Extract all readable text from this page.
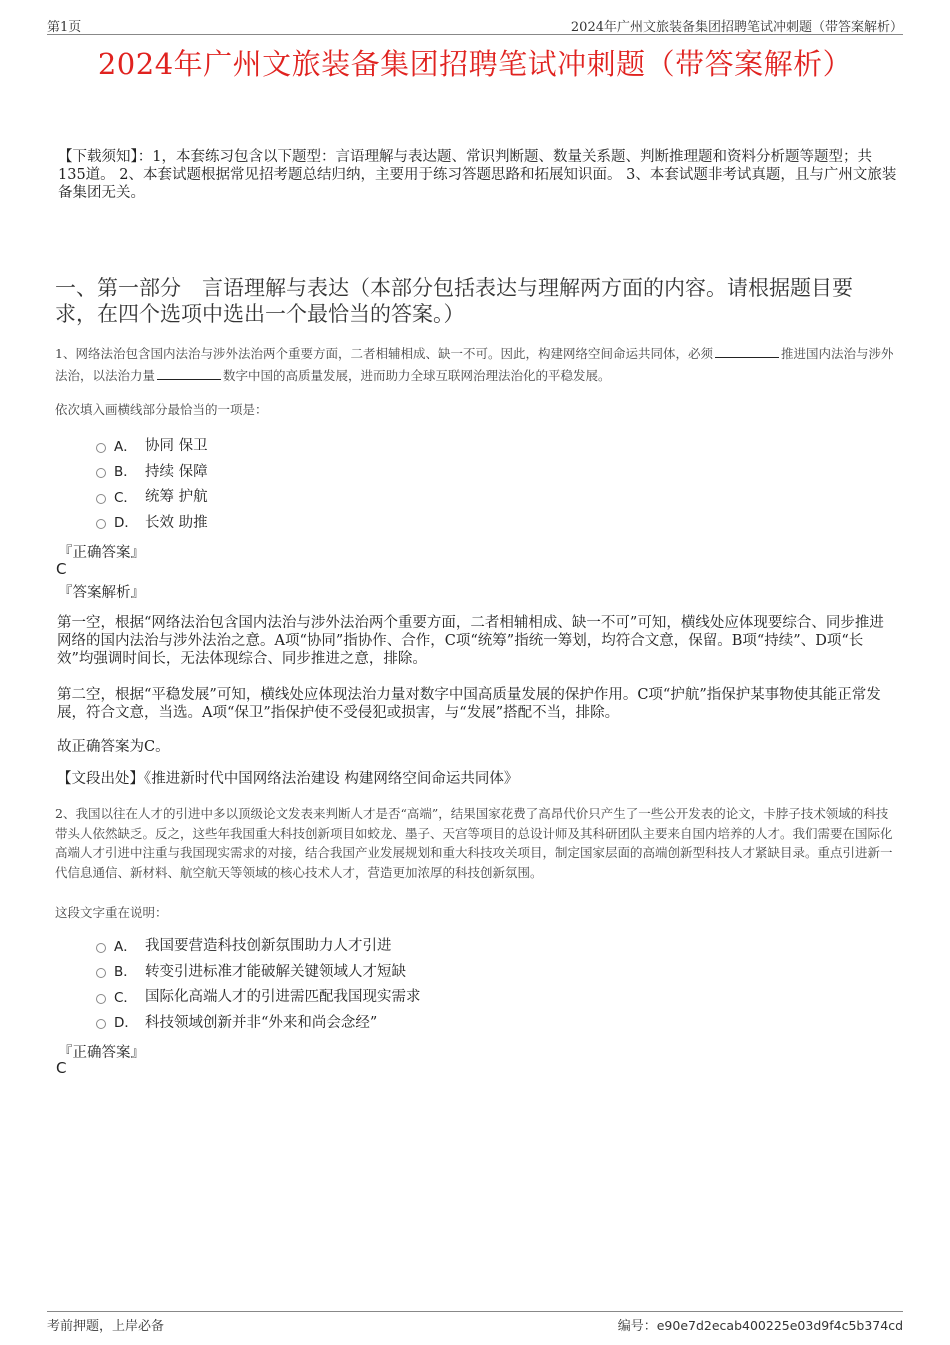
第1页	2024年广州文旅装备集团招聘笔试冲刺题（带答案解析）
2024年广州文旅装备集团招聘笔试冲刺题（带答案解析）
【下载须知】：1，本套练习包含以下题型：言语理解与表达题、常识判断题、数量关系题、判断推理题和资料分析题等题型；共135道。 2、本套试题根据常见招考题总结归纳，主要用于练习答题思路和拓展知识面。 3、本套试题非考试真题，且与广州文旅装备集团无关。
一、第一部分　言语理解与表达（本部分包括表达与理解两方面的内容。请根据题目要求，在四个选项中选出一个最恰当的答案。）
1、网络法治包含国内法治与涉外法治两个重要方面，二者相辅相成、缺一不可。因此，构建网络空间命运共同体，必须	推进国内法治与涉外法治，以法治力量	数字中国的高质量发展，进而助力全球互联网治理法治化的平稳发展。
依次填入画横线部分最恰当的一项是：
A． 协同 保卫
B． 持续 保障
C． 统筹 护航
D． 长效 助推
『正确答案』
C
『答案解析』
第一空，根据“网络法治包含国内法治与涉外法治两个重要方面，二者相辅相成、缺一不可”可知，横线处应体现要综合、同步推进网络的国内法治与涉外法治之意。A项“协同”指协作、合作，C项“统筹”指统一筹划，均符合文意，保留。B项“持续”、D项“长效”均强调时间长，无法体现综合、同步推进之意，排除。
第二空，根据“平稳发展”可知，横线处应体现法治力量对数字中国高质量发展的保护作用。C项“护航”指保护某事物使其能正常发展，符合文意，当选。A项“保卫”指保护使不受侵犯或损害，与“发展”搭配不当，排除。
故正确答案为C。
【文段出处】《推进新时代中国网络法治建设 构建网络空间命运共同体》
2、我国以往在人才的引进中多以顶级论文发表来判断人才是否“高端”，结果国家花费了高昂代价只产生了一些公开发表的论文，卡脖子技术领域的科技带头人依然缺乏。反之，这些年我国重大科技创新项目如蛟龙、墨子、天宫等项目的总设计师及其科研团队主要来自国内培养的人才。我们需要在国际化高端人才引进中注重与我国现实需求的对接，结合我国产业发展规划和重大科技攻关项目，制定国家层面的高端创新型科技人才紧缺目录。重点引进新一代信息通信、新材料、航空航天等领域的核心技术人才，营造更加浓厚的科技创新氛围。
这段文字重在说明：
A． 我国要营造科技创新氛围助力人才引进
B． 转变引进标准才能破解关键领域人才短缺
C． 国际化高端人才的引进需匹配我国现实需求
D． 科技领域创新并非“外来和尚会念经”
『正确答案』
C
考前押题，上岸必备	编号：e90e7d2ecab400225e03d9f4c5b374cd
